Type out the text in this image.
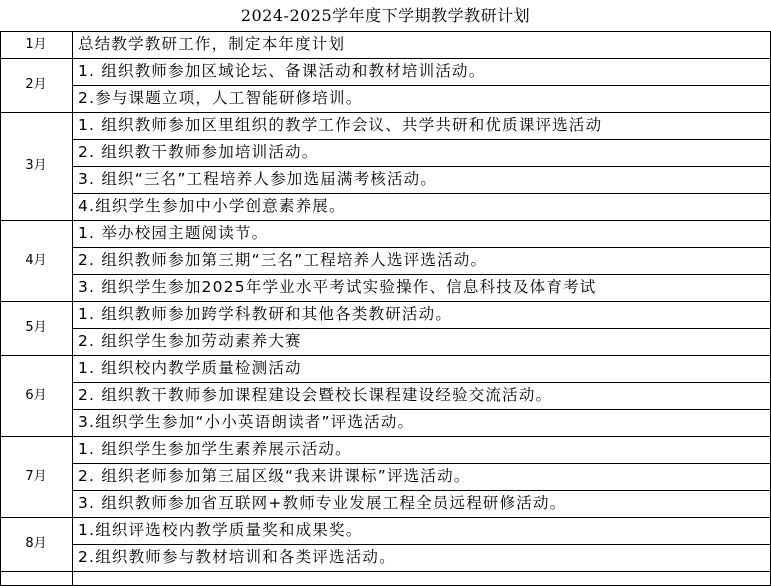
2024-2025学年度下学期教学教研计划
1月	总结教学教研工作，制定本年度计划
2月
1. 组织教师参加区域论坛、备课活动和教材培训活动。
2.参与课题立项，人工智能研修培训。
3月
1. 组织教师参加区里组织的教学工作会议、共学共研和优质课评选活动
2. 组织教干教师参加培训活动。
3. 组织“三名”工程培养人参加选届满考核活动。
4.组织学生参加中小学创意素养展。
4月
1. 举办校园主题阅读节。
2. 组织教师参加第三期“三名”工程培养人选评选活动。
3. 组织学生参加2025年学业水平考试实验操作、信息科技及体育考试
5月
1. 组织教师参加跨学科教研和其他各类教研活动。
2. 组织学生参加劳动素养大赛
6月
1. 组织校内教学质量检测活动
2. 组织教干教师参加课程建设会暨校长课程建设经验交流活动。
3.组织学生参加“小小英语朗读者”评选活动。
7月
1. 组织学生参加学生素养展示活动。
2. 组织老师参加第三届区级“我来讲课标”评选活动。
3. 组织教师参加省互联网+教师专业发展工程全员远程研修活动。
8月
1.组织评选校内教学质量奖和成果奖。
2.组织教师参与教材培训和各类评选活动。
